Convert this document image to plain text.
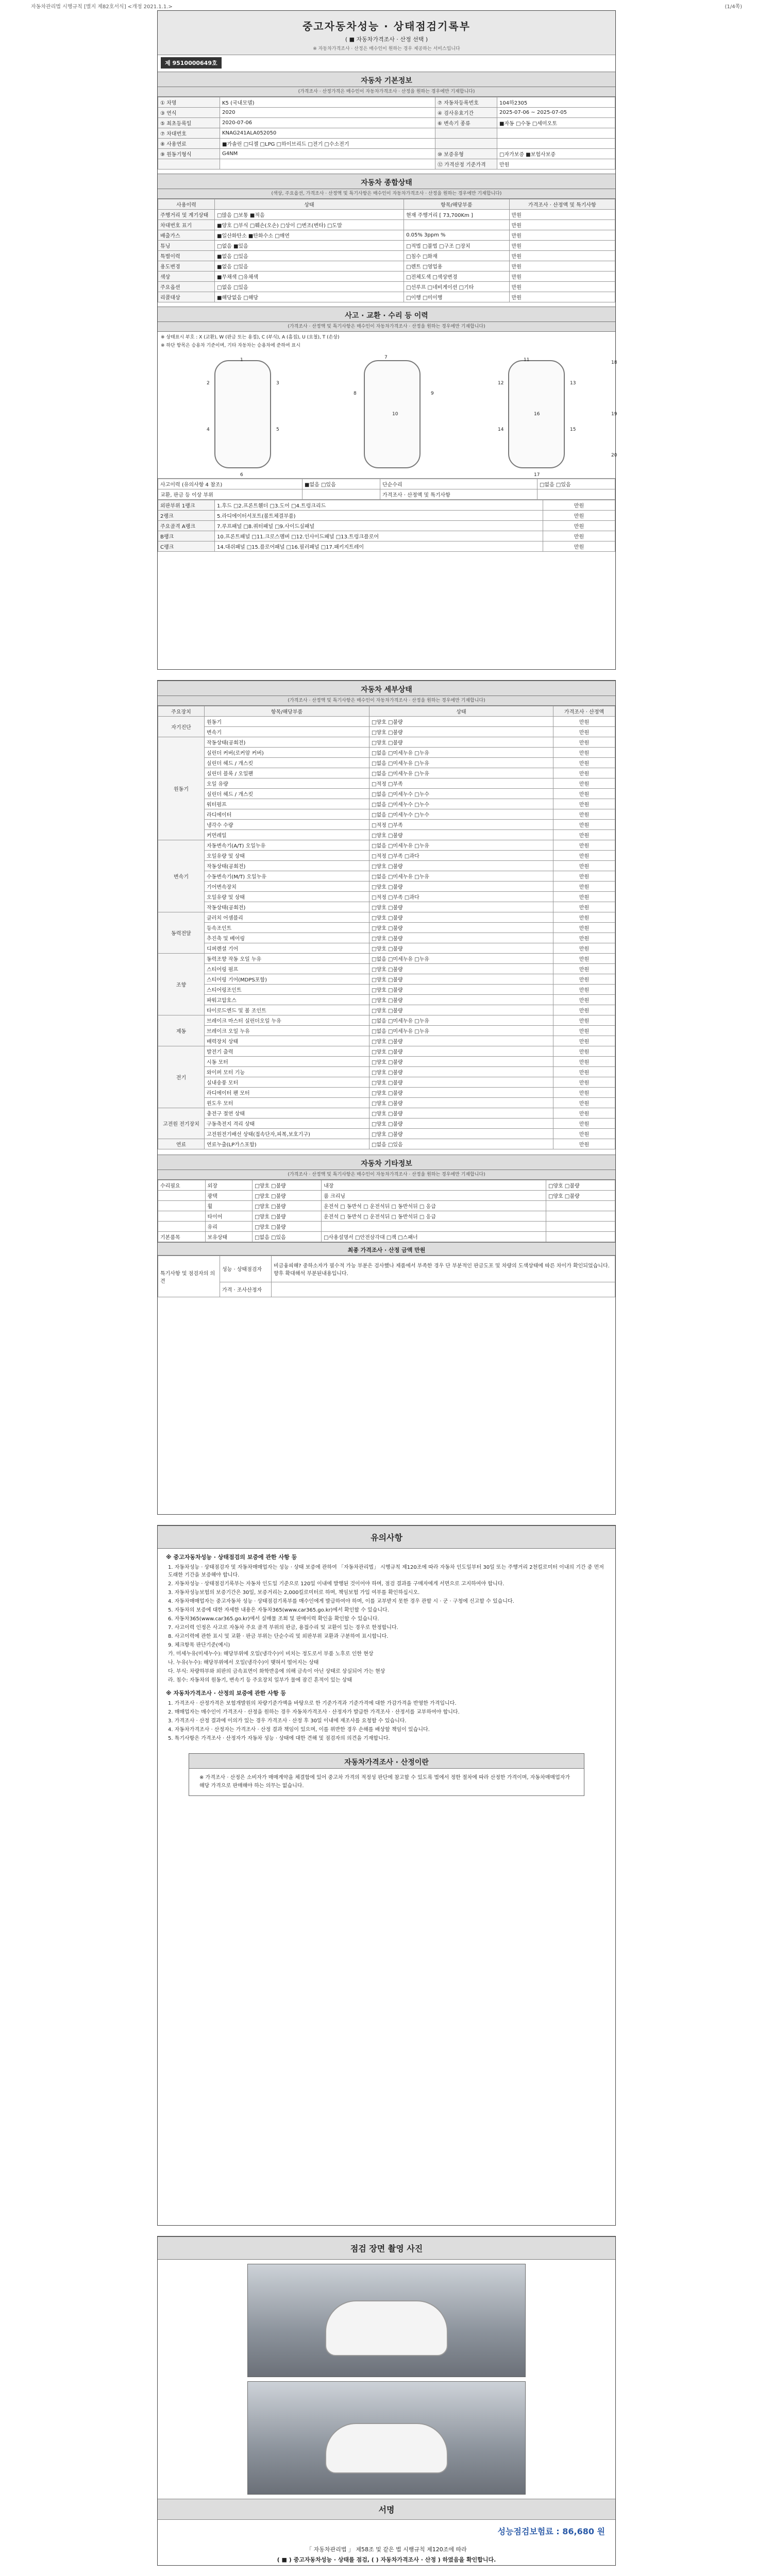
자동차관리법 시행규칙 [별지 제82호서식] <개정 2021.1.1.>	(1/4쪽)
중고자동차성능 · 상태점검기록부
( ■ 자동차가격조사 · 산정 선택 )
※ 자동차가격조사 · 산정은 매수인이 원하는 경우 제공하는 서비스입니다
제 9510000649호
자동차 기본정보
(가격조사 · 산정가격은 매수인이 자동차가격조사 · 산정을 원하는 경우에만 기재합니다)
① 차명	K5 (국내모델)	⑦ 자동차등록번호	104하2305
③ 연식	2020	④ 검사유효기간	2025-07-06 ~ 2025-07-05
⑤ 최초등록일	2020-07-06	⑥ 변속기 종류	■자동 □수동 □세미오토
⑦ 차대번호	KNAG241ALA052050		
⑧ 사용연료	■가솔린 □디젤 □LPG □하이브리드 □전기 □수소전기		
⑨ 원동기형식	G4NM	⑩ 보증유형	□자가보증 ■보험사보증
		⑫ 가격산정 기준가격	만원
자동차 종합상태
(색상, 주요옵션, 가격조사 · 산정액 및 특기사항은 매수인이 자동차가격조사 · 산정을 원하는 경우에만 기재합니다)
사용이력	상태	항목/해당부품	가격조사 · 산정액 및 특기사항
주행거리 및 계기상태	□많음 □보통 ■적음	현재 주행거리 [ 73,700Km ]	만원
차대번호 표기	■양호 □부식 □훼손(오손) □상이 □변조(변타) □도말		만원
배출가스	■일산화탄소 ■탄화수소 □매연	0.05% 3ppm %	만원
튜닝	□없음 ■있음	□적법 □불법 □구조 □장치	만원
특별이력	■없음 □있음	□침수 □화재	만원
용도변경	■없음 □있음	□렌트 □영업용	만원
색상	■무채색 □유채색	□전체도색 □색상변경	만원
주요옵션	□없음 □있음	□선루프 □네비게이션 □기타	만원
리콜대상	■해당없음 □해당	□이행 □미이행	만원
사고 · 교환 · 수리 등 이력
(가격조사 · 산정액 및 특기사항은 매수인이 자동차가격조사 · 산정을 원하는 경우에만 기재합니다)
※ 상태표시 부호 : X (교환), W (판금 또는 용접), C (부식), A (흠집), U (요철), T (손상)
※ 하단 항목은 승용차 기준이며, 기타 자동차는 승용차에 준하여 표시
1
2	3
4	5
6
7
8	9
10
11
12	13
14	15
16
17
18
19
20
사고이력 (유의사항 4 참조)	■없음 □있음	단순수리	□없음 □있음
교환, 판금 등 이상 부위		가격조사 · 산정액 및 특기사항	
외판부위 1랭크	1.후드 □2.프론트휀더 □3.도어 □4.트렁크리드	만원
2랭크	5.라디에이터서포트(볼트체결부품)	만원
주요골격 A랭크	7.루프패널 □8.쿼터패널 □9.사이드실패널	만원
B랭크	10.프론트패널 □11.크로스멤버 □12.인사이드패널 □13.트렁크플로어	만원
C랭크	14.대쉬패널 □15.플로어패널 □16.필러패널 □17.패키지트레이	만원
자동차 세부상태
(가격조사 · 산정액 및 특기사항은 매수인이 자동차가격조사 · 산정을 원하는 경우에만 기재합니다)
주요장치	항목/해당부품	상태	가격조사 · 산정액
자기진단	원동기	□양호 □불량	만원
	변속기	□양호 □불량	만원
원동기	작동상태(공회전)	□양호 □불량	만원
	실린더 커버(로커암 커버)	□없음 □미세누유 □누유	만원
	실린더 헤드 / 개스킷	□없음 □미세누유 □누유	만원
	실린더 블록 / 오일팬	□없음 □미세누유 □누유	만원
	오일 유량	□적정 □부족	만원
	실린더 헤드 / 개스킷	□없음 □미세누수 □누수	만원
	워터펌프	□없음 □미세누수 □누수	만원
	라디에이터	□없음 □미세누수 □누수	만원
	냉각수 수량	□적정 □부족	만원
	커먼레일	□양호 □불량	만원
변속기	자동변속기(A/T) 오일누유	□없음 □미세누유 □누유	만원
	오일유량 및 상태	□적정 □부족 □과다	만원
	작동상태(공회전)	□양호 □불량	만원
	수동변속기(M/T) 오일누유	□없음 □미세누유 □누유	만원
	기어변속장치	□양호 □불량	만원
	오일유량 및 상태	□적정 □부족 □과다	만원
	작동상태(공회전)	□양호 □불량	만원
동력전달	클러치 어셈블리	□양호 □불량	만원
	등속조인트	□양호 □불량	만원
	추진축 및 베어링	□양호 □불량	만원
	디퍼렌셜 기어	□양호 □불량	만원
조향	동력조향 작동 오일 누유	□없음 □미세누유 □누유	만원
	스티어링 펌프	□양호 □불량	만원
	스티어링 기어(MDPS포함)	□양호 □불량	만원
	스티어링조인트	□양호 □불량	만원
	파워고압호스	□양호 □불량	만원
	타이로드엔드 및 볼 조인트	□양호 □불량	만원
제동	브레이크 마스터 실린더오일 누유	□없음 □미세누유 □누유	만원
	브레이크 오일 누유	□없음 □미세누유 □누유	만원
	배력장치 상태	□양호 □불량	만원
전기	발전기 출력	□양호 □불량	만원
	시동 모터	□양호 □불량	만원
	와이퍼 모터 기능	□양호 □불량	만원
	실내송풍 모터	□양호 □불량	만원
	라디에이터 팬 모터	□양호 □불량	만원
	윈도우 모터	□양호 □불량	만원
고전원 전기장치	충전구 절연 상태	□양호 □불량	만원
	구동축전지 격리 상태	□양호 □불량	만원
	고전원전기배선 상태(접속단자,피복,보호기구)	□양호 □불량	만원
연료	연료누출(LP가스포함)	□없음 □있음	만원
자동차 기타정보
(가격조사 · 산정액 및 특기사항은 매수인이 자동차가격조사 · 산정을 원하는 경우에만 기재합니다)
수리필요	외장	□양호 □불량	내장	□양호 □불량
	광택	□양호 □불량	룸 크리닝	□양호 □불량
	휠	□양호 □불량	운전석 □ 동반석 □ 운전석뒤 □ 동반석뒤 □ 응급	
	타이어	□양호 □불량	운전석 □ 동반석 □ 운전석뒤 □ 동반석뒤 □ 응급	
	유리	□양호 □불량		
기본품목	보유상태	□없음 □있음	□사용설명서 □안전삼각대 □잭 □스패너	
최종 가격조사 · 산정 금액 만원
특기사항 및 점검자의 의견	성능 · 상태점검자	비금융피해? 중하소자가 필수적 가능 부분은 검사했나 제품에서 부족한 경우 단 부분적인 판금도포 및 차량의 도색상태에 따른 차이가 확인되었습니다. 향후 확대해석 부분된내용입니다.
	가격 · 조사산정자	
유의사항
※ 중고자동차성능 · 상태점검의 보증에 관한 사항 등

1. 자동차성능 · 상태점검자 및 자동차매매업자는 성능 · 상태 보증에 관하여 「자동차관리법」 시행규칙 제120조에 따라 자동차 인도일부터 30일 또는 주행거리 2천킬로미터 이내의 기간 중 먼저 도래한 기간을 보증해야 합니다.

2. 자동차성능 · 상태점검기록부는 자동차 인도일 기준으로 120일 이내에 발행된 것이어야 하며, 점검 결과를 구매자에게 서면으로 고지하여야 합니다.

3. 자동차성능보험의 보증기간은 30일, 보증거리는 2,000킬로미터로 하며, 책임보험 가입 여부를 확인하십시오.

4. 자동차매매업자는 중고자동차 성능 · 상태점검기록부를 매수인에게 발급하여야 하며, 이를 교부받지 못한 경우 관할 시 · 군 · 구청에 신고할 수 있습니다.

5. 자동차의 보증에 대한 자세한 내용은 자동차365(www.car365.go.kr)에서 확인할 수 있습니다.

6. 자동차365(www.car365.go.kr)에서 실매물 조회 및 판매이력 확인을 확인할 수 있습니다.

7. 사고이력 인정은 사고로 자동차 주요 골격 부위의 판금, 용접수리 및 교환이 있는 경우로 한정합니다.

8. 사고이력에 관한 표시 및 교환 · 판금 부위는 단순수리 및 외판부위 교환과 구분하여 표시합니다.

9. 체크항목 판단기준(예시)

가. 미세누유(미세누수): 해당부위에 오일(냉각수)이 비치는 정도로서 부품 노후로 인한 현상

나. 누유(누수): 해당부위에서 오일(냉각수)이 맺혀서 떨어지는 상태

다. 부식: 차량하부와 외판의 금속표면이 화학반응에 의해 금속이 아닌 상태로 상실되어 가는 현상

라. 침수: 자동차의 원동기, 변속기 등 주요장치 일부가 물에 잠긴 흔적이 있는 상태

※ 자동차가격조사 · 산정의 보증에 관한 사항 등

1. 가격조사 · 산정가격은 보험개발원의 차량기준가액을 바탕으로 한 기준가격과 기준가격에 대한 가감가격을 반영한 가격입니다.

2. 매매업자는 매수인이 가격조사 · 산정을 원하는 경우 자동차가격조사 · 산정자가 발급한 가격조사 · 산정서를 교부하여야 합니다.

3. 가격조사 · 산정 결과에 이의가 있는 경우 가격조사 · 산정 후 30일 이내에 재조사를 요청할 수 있습니다.

4. 자동차가격조사 · 산정자는 가격조사 · 산정 결과 책임이 있으며, 이를 위반한 경우 손해를 배상할 책임이 있습니다.

5. 특기사항은 가격조사 · 산정자가 자동차 성능 · 상태에 대한 견해 및 점검자의 의견을 기재합니다.

자동차가격조사 · 산정이란

※ 가격조사 · 산정은 소비자가 매매계약을 체결함에 있어 중고차 가격의 적정성 판단에 참고할 수 있도록 법에서 정한 절차에 따라 산정한 가격이며, 자동차매매업자가 해당 가격으로 판매해야 하는 의무는 없습니다.

점검 장면 촬영 사진
서명
성능점검보험료 : 86,680 원
「 자동차관리법 」 제58조 및 같은 법 시행규칙 제120조에 따라
( ■ ) 중고자동차성능 · 상태를 점검, ( ) 자동차가격조사 · 산정 ) 하였음을 확인합니다.
